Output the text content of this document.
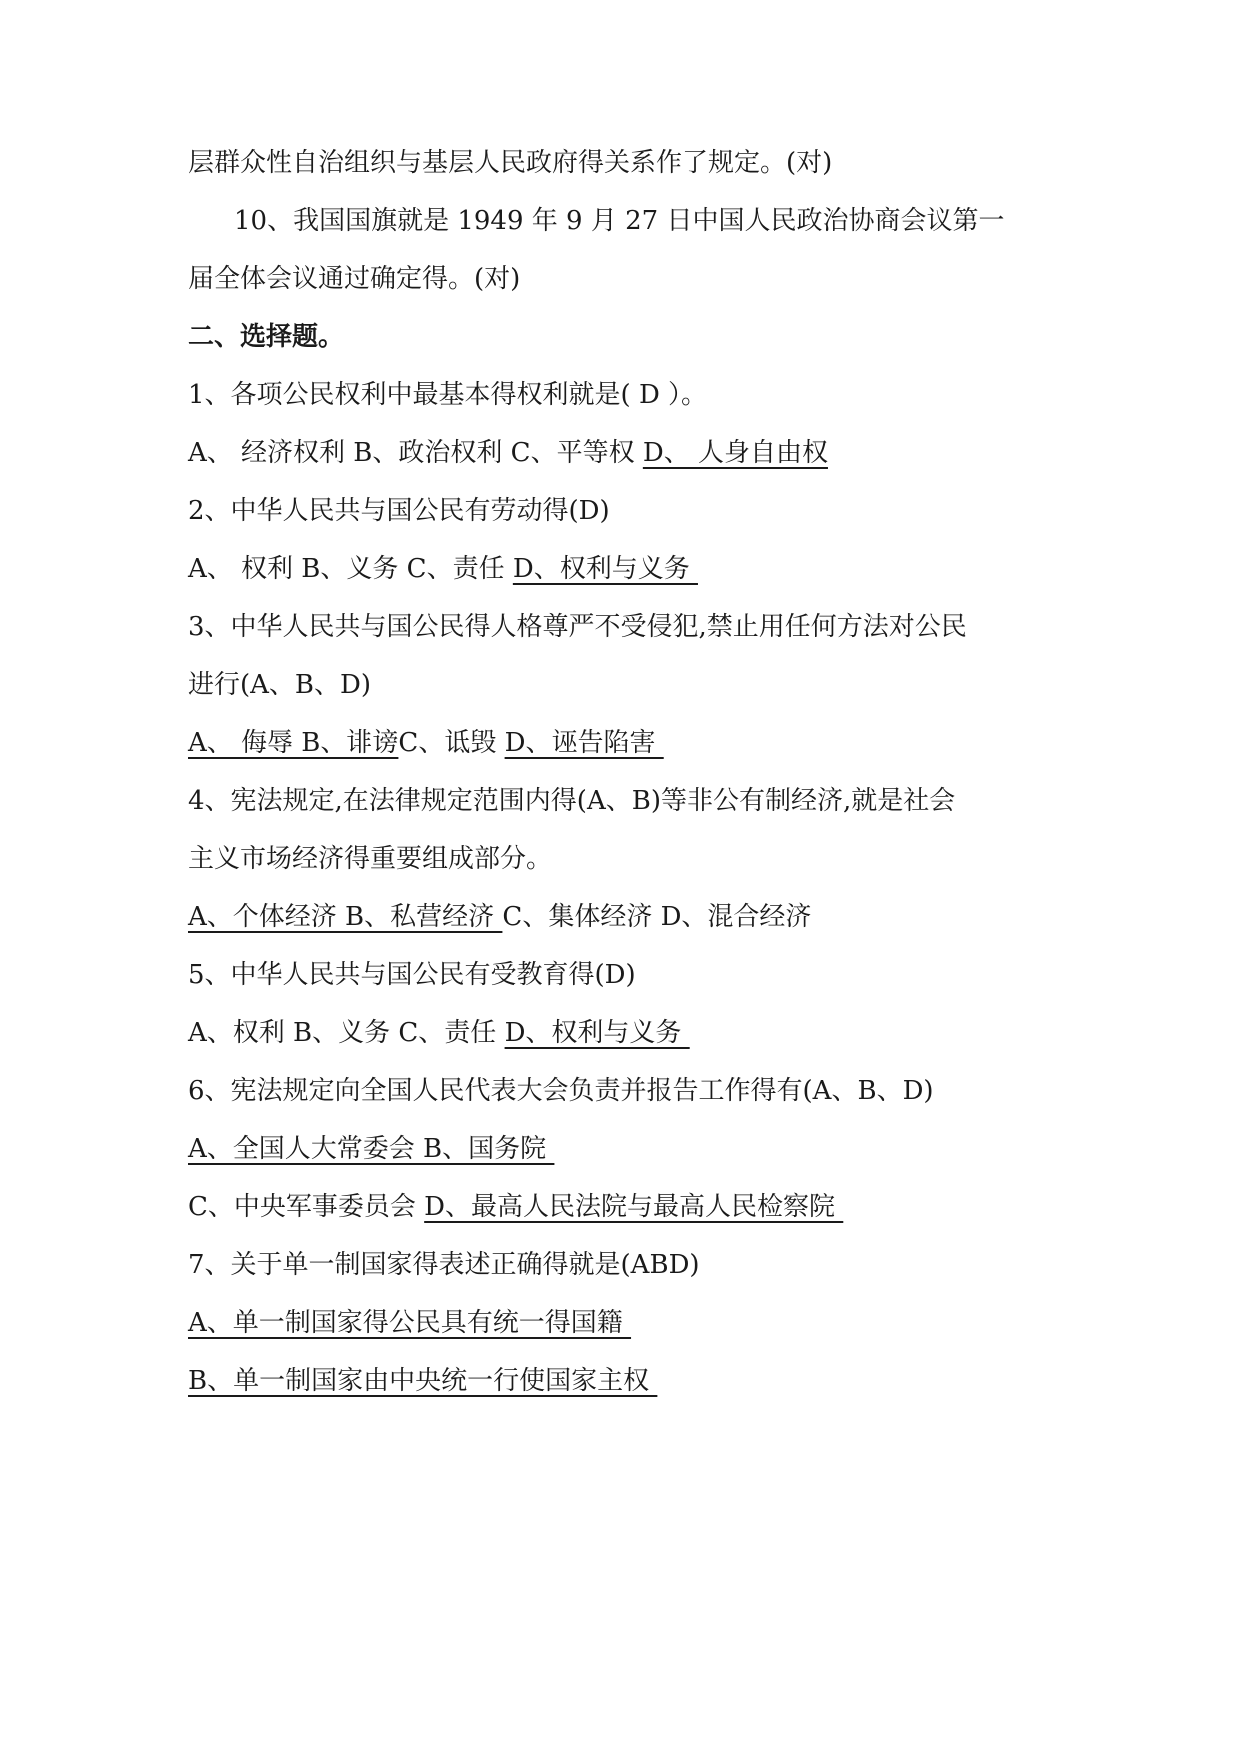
层群众性自治组织与基层人民政府得关系作了规定。(对)
10、我国国旗就是 1949 年 9 月 27 日中国人民政治协商会议第一
届全体会议通过确定得。(对)
二、选择题。
1、各项公民权利中最基本得权利就是( D ）。
A、 经济权利 B、政治权利 C、平等权 D、 人身自由权
2、中华人民共与国公民有劳动得(D)
A、 权利 B、义务 C、责任 D、权利与义务
3、中华人民共与国公民得人格尊严不受侵犯,禁止用任何方法对公民
进行(A、B、D)
A、 侮辱 B、诽谤C、诋毁 D、诬告陷害
4、宪法规定,在法律规定范围内得(A、B)等非公有制经济,就是社会
主义市场经济得重要组成部分。
A、个体经济 B、私营经济 C、集体经济 D、混合经济
5、中华人民共与国公民有受教育得(D)
A、权利 B、义务 C、责任 D、权利与义务
6、宪法规定向全国人民代表大会负责并报告工作得有(A、B、D)
A、全国人大常委会 B、国务院
C、中央军事委员会 D、最高人民法院与最高人民检察院
7、关于单一制国家得表述正确得就是(ABD)
A、单一制国家得公民具有统一得国籍
B、单一制国家由中央统一行使国家主权
